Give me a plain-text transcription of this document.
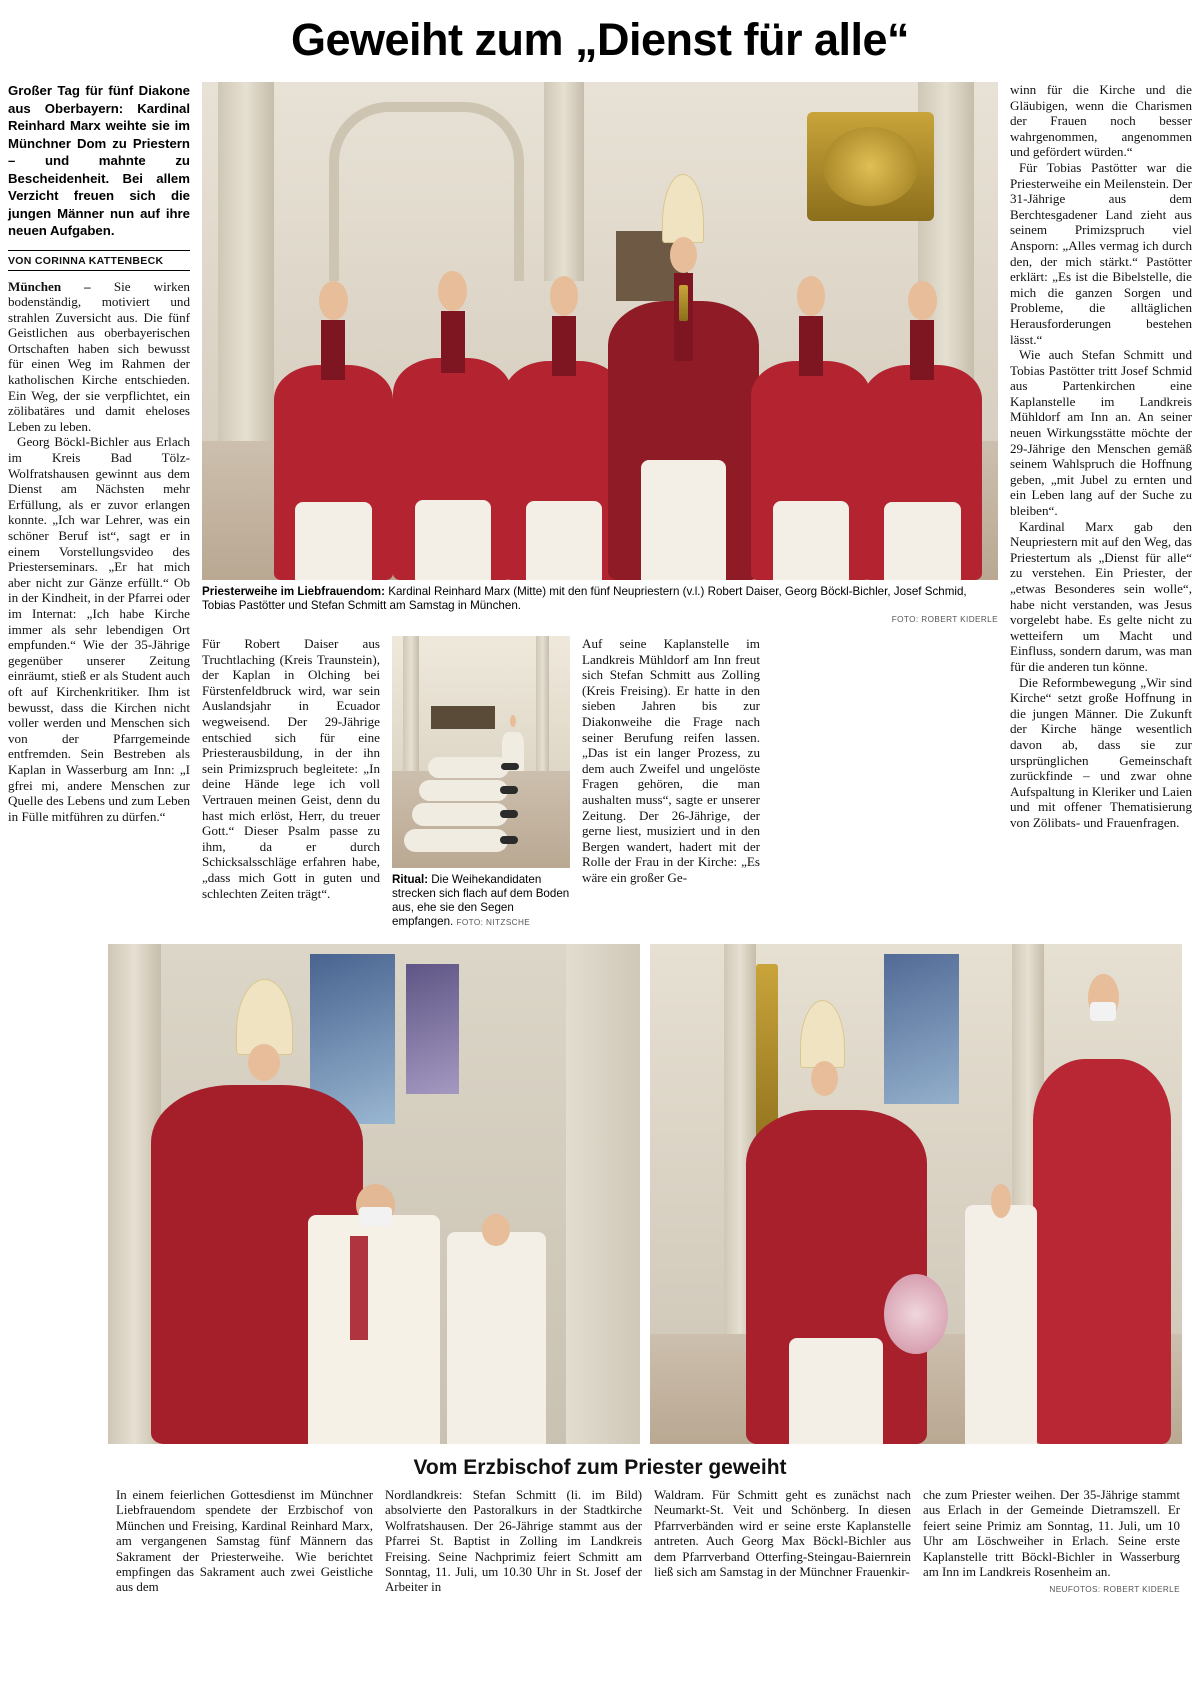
Geweiht zum „Dienst für alle“
Großer Tag für fünf Diakone aus Oberbayern: Kardinal Reinhard Marx weihte sie im Münchner Dom zu Priestern – und mahnte zu Bescheidenheit. Bei allem Verzicht freuen sich die jungen Männer nun auf ihre neuen Aufgaben.
VON CORINNA KATTENBECK

München – Sie wirken bodenständig, motiviert und strahlen Zuversicht aus. Die fünf Geistlichen aus oberbayerischen Ortschaften haben sich bewusst für einen Weg im Rahmen der katholischen Kirche entschieden. Ein Weg, der sie verpflichtet, ein zölibatäres und damit eheloses Leben zu leben.

Georg Böckl-Bichler aus Erlach im Kreis Bad Tölz-Wolfratshausen gewinnt aus dem Dienst am Nächsten mehr Erfüllung, als er zuvor erlangen konnte. „Ich war Lehrer, was ein schöner Beruf ist“, sagt er in einem Vorstellungsvideo des Priesterseminars. „Er hat mich aber nicht zur Gänze erfüllt.“ Ob in der Kindheit, in der Pfarrei oder im Internat: „Ich habe Kirche immer als sehr lebendigen Ort empfunden.“ Wie der 35-Jährige gegenüber unserer Zeitung einräumt, stieß er als Student auch oft auf Kirchenkritiker. Ihm ist bewusst, dass die Kirchen nicht voller werden und Menschen sich von der Pfarrgemeinde entfremden. Sein Bestreben als Kaplan in Wasserburg am Inn: „I gfrei mi, andere Menschen zur Quelle des Lebens und zum Leben in Fülle mitführen zu dürfen.“

Priesterweihe im Liebfrauendom: Kardinal Reinhard Marx (Mitte) mit den fünf Neupriestern (v.l.) Robert Daiser, Georg Böckl-Bichler, Josef Schmid, Tobias Pastötter und Stefan Schmitt am Samstag in München.
FOTO: ROBERT KIDERLE

Für Robert Daiser aus Truchtlaching (Kreis Traunstein), der Kaplan in Olching bei Fürstenfeldbruck wird, war sein Auslandsjahr in Ecuador wegweisend. Der 29-Jährige entschied sich für eine Priesterausbildung, in der ihn sein Primizspruch begleitete: „In deine Hände lege ich voll Vertrauen meinen Geist, denn du hast mich erlöst, Herr, du treuer Gott.“ Dieser Psalm passe zu ihm, da er durch Schicksalsschläge erfahren habe, „dass mich Gott in guten und schlechten Zeiten trägt“.

Ritual: Die Weihekandidaten strecken sich flach auf dem Boden aus, ehe sie den Segen empfangen. FOTO: NITZSCHE

Auf seine Kaplanstelle im Landkreis Mühldorf am Inn freut sich Stefan Schmitt aus Zolling (Kreis Freising). Er hatte in den sieben Jahren bis zur Diakonweihe die Frage nach seiner Berufung reifen lassen. „Das ist ein langer Prozess, zu dem auch Zweifel und ungelöste Fragen gehören, die man aushalten muss“, sagte er unserer Zeitung. Der 26-Jährige, der gerne liest, musiziert und in den Bergen wandert, hadert mit der Rolle der Frau in der Kirche: „Es wäre ein großer Ge-

winn für die Kirche und die Gläubigen, wenn die Charismen der Frauen noch besser wahrgenommen, angenommen und gefördert würden.“

Für Tobias Pastötter war die Priesterweihe ein Meilenstein. Der 31-Jährige aus dem Berchtesgadener Land zieht aus seinem Primizspruch viel Ansporn: „Alles vermag ich durch den, der mich stärkt.“ Pastötter erklärt: „Es ist die Bibelstelle, die mich die ganzen Sorgen und Probleme, die alltäglichen Herausforderungen bestehen lässt.“

Wie auch Stefan Schmitt und Tobias Pastötter tritt Josef Schmid aus Partenkirchen eine Kaplanstelle im Landkreis Mühldorf am Inn an. An seiner neuen Wirkungsstätte möchte der 29-Jährige den Menschen gemäß seinem Wahlspruch die Hoffnung geben, „mit Jubel zu ernten und ein Leben lang auf der Suche zu bleiben“.

Kardinal Marx gab den Neupriestern mit auf den Weg, das Priestertum als „Dienst für alle“ zu verstehen. Ein Priester, der „etwas Besonderes sein wolle“, habe nicht verstanden, was Jesus vorgelebt habe. Es gelte nicht zu wetteifern um Macht und Einfluss, sondern darum, was man für die anderen tun könne.

Die Reformbewegung „Wir sind Kirche“ setzt große Hoffnung in die jungen Männer. Die Zukunft der Kirche hänge wesentlich davon ab, dass sie zur ursprünglichen Gemeinschaft zurückfinde – und zwar ohne Aufspaltung in Kleriker und Laien und mit offener Thematisierung von Zölibats- und Frauenfragen.

Vom Erzbischof zum Priester geweiht

In einem feierlichen Gottesdienst im Münchner Liebfrauendom spendete der Erzbischof von München und Freising, Kardinal Reinhard Marx, am vergangenen Samstag fünf Männern das Sakrament der Priesterweihe. Wie berichtet empfingen das Sakrament auch zwei Geistliche aus dem

Nordlandkreis: Stefan Schmitt (li. im Bild) absolvierte den Pastoralkurs in der Stadtkirche Wolfratshausen. Der 26-Jährige stammt aus der Pfarrei St. Baptist in Zolling im Landkreis Freising. Seine Nachprimiz feiert Schmitt am Sonntag, 11. Juli, um 10.30 Uhr in St. Josef der Arbeiter in

Waldram. Für Schmitt geht es zunächst nach Neumarkt-St. Veit und Schönberg. In diesen Pfarrverbänden wird er seine erste Kaplanstelle antreten. Auch Georg Max Böckl-Bichler aus dem Pfarrverband Otterfing-Steingau-Baiernrein ließ sich am Samstag in der Münchner Frauenkir-

che zum Priester weihen. Der 35-Jährige stammt aus Erlach in der Gemeinde Dietramszell. Er feiert seine Primiz am Sonntag, 11. Juli, um 10 Uhr am Löschweiher in Erlach. Seine erste Kaplanstelle tritt Böckl-Bichler in Wasserburg am Inn im Landkreis Rosenheim an.

NEUFOTOS: ROBERT KIDERLE
